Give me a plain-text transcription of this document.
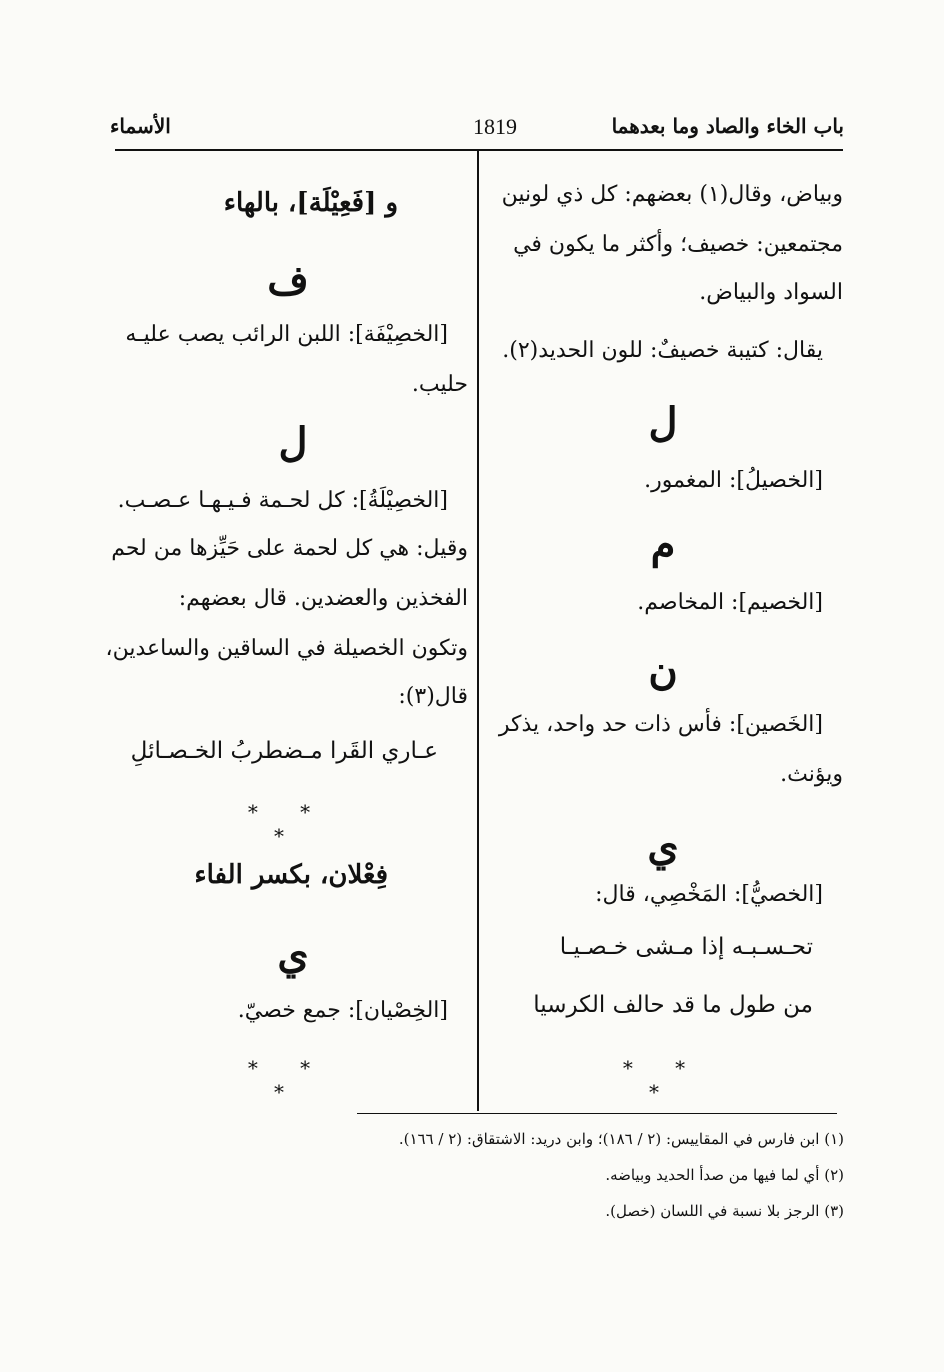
باب الخاء والصاد وما بعدهما
1819
الأسماء
وبياض، وقال(١) بعضهم: كل ذي لونين
مجتمعين: خصيف؛ وأكثر ما يكون في
السواد والبياض.
يقال: كتيبة خصيفٌ: للون الحديد(٢).
ل
[الخصيلُ]: المغمور.
م
[الخصيم]: المخاصم.
ن
[الخَصين]: فأس ذات حد واحد، يذكر
ويؤنث.
ي
[الخصيُّ]: المَخْصِي، قال:
تحـسـبـه إذا مـشى خـصـيـا
من طول ما قد حالف الكرسيا
* * *
و [فَعِيْلَة]، بالهاء
ف
[الخصِيْفَة]: اللبن الرائب يصب عليـه
حليب.
ل
[الخصِيْلَةُ]: كل لحـمة فـيـهـا عـصـب.
وقيل: هي كل لحمة على حَيِّزها من لحم
الفخذين والعضدين. قال بعضهم:
وتكون الخصيلة في الساقين والساعدين،
قال(٣):
عـاري القَرا مـضطربُ الخـصـائلِ
* * *
فِعْلان، بكسر الفاء
ي
[الخِصْيان]: جمع خصيّ.
* * *
(١) ابن فارس في المقاييس: (٢ / ١٨٦)؛ وابن دريد: الاشتقاق: (٢ / ١٦٦).
(٢) أي لما فيها من صدأ الحديد وبياضه.
(٣) الرجز بلا نسبة في اللسان (خصل).
